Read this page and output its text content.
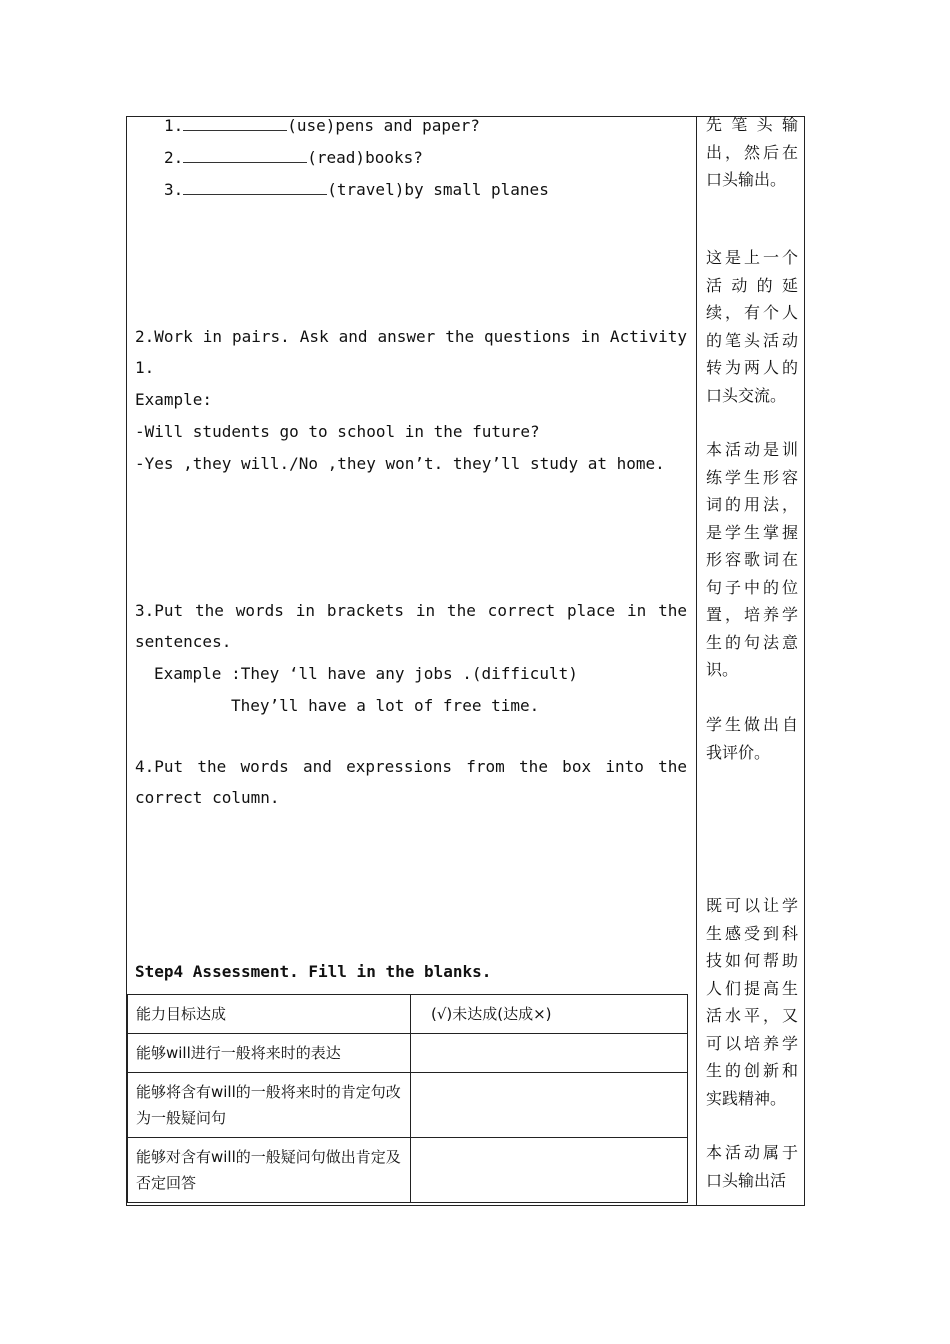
1.	(use)pens and paper?
2.	(read)books?
3.	(travel)by small planes
2.Work in pairs. Ask and answer the questions in Activity
1.
Example:
-Will students go to school in the future?
-Yes ,they will./No ,they won’t. they’ll study at home.
3.Put the words in brackets in the correct place in the
sentences.
Example :They ‘ll have any jobs .(difficult)
They’ll have a lot of free time.
4.Put the words and expressions from the box into the
correct column.
Step4 Assessment. Fill in the blanks.
能力目标达成	(√)未达成(达成×)
能够will进行一般将来时的表达	
能够将含有will的一般将来时的肯定句改为一般疑问句	
能够对含有will的一般疑问句做出肯定及否定回答	
先笔头输出，然后在口头输出。
这是上一个活动的延续，有个人的笔头活动转为两人的口头交流。
本活动是训练学生形容词的用法，是学生掌握形容歌词在句子中的位置，培养学生的句法意识。
学生做出自我评价。
既可以让学生感受到科技如何帮助人们提高生活水平，又可以培养学生的创新和实践精神。
本活动属于口头输出活
